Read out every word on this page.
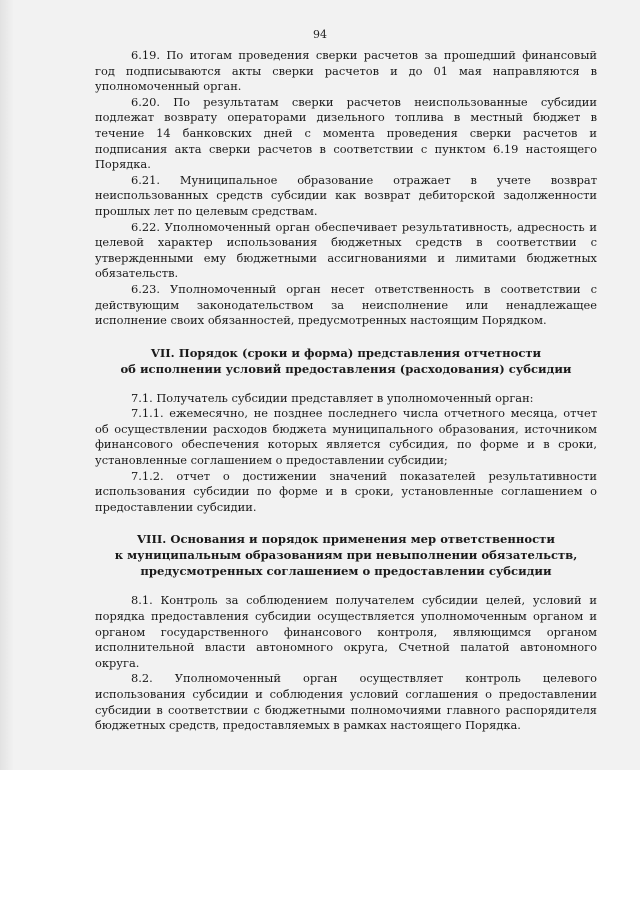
94

6.19. По итогам проведения сверки расчетов за прошедший финансовый год подписываются акты сверки расчетов и до 01 мая направляются в уполномоченный орган.

6.20. По результатам сверки расчетов неиспользованные субсидии подлежат возврату операторами дизельного топлива в местный бюджет в течение 14 банковских дней с момента проведения сверки расчетов и подписания акта сверки расчетов в соответствии с пунктом 6.19 настоящего Порядка.

6.21. Муниципальное образование отражает в учете возврат неиспользованных средств субсидии как возврат дебиторской задолженности прошлых лет по целевым средствам.

6.22. Уполномоченный орган обеспечивает результативность, адресность и целевой характер использования бюджетных средств в соответствии с утвержденными ему бюджетными ассигнованиями и лимитами бюджетных обязательств.

6.23. Уполномоченный орган несет ответственность в соответствии с действующим законодательством за неисполнение или ненадлежащее исполнение своих обязанностей, предусмотренных настоящим Порядком.

VII. Порядок (сроки и форма) представления отчетности

об исполнении условий предоставления (расходования) субсидии

7.1. Получатель субсидии представляет в уполномоченный орган:

7.1.1. ежемесячно, не позднее последнего числа отчетного месяца, отчет об осуществлении расходов бюджета муниципального образования, источником финансового обеспечения которых является субсидия, по форме и в сроки, установленные соглашением о предоставлении субсидии;

7.1.2. отчет о достижении значений показателей результативности использования субсидии по форме и в сроки, установленные соглашением о предоставлении субсидии.

VIII. Основания и порядок применения мер ответственности

к муниципальным образованиям при невыполнении обязательств,

предусмотренных соглашением о предоставлении субсидии

8.1. Контроль за соблюдением получателем субсидии целей, условий и порядка предоставления субсидии осуществляется уполномоченным органом и органом государственного финансового контроля, являющимся органом исполнительной власти автономного округа, Счетной палатой автономного округа.

8.2. Уполномоченный орган осуществляет контроль целевого использования субсидии и соблюдения условий соглашения о предоставлении субсидии в соответствии с бюджетными полномочиями главного распорядителя бюджетных средств, предоставляемых в рамках настоящего Порядка.
